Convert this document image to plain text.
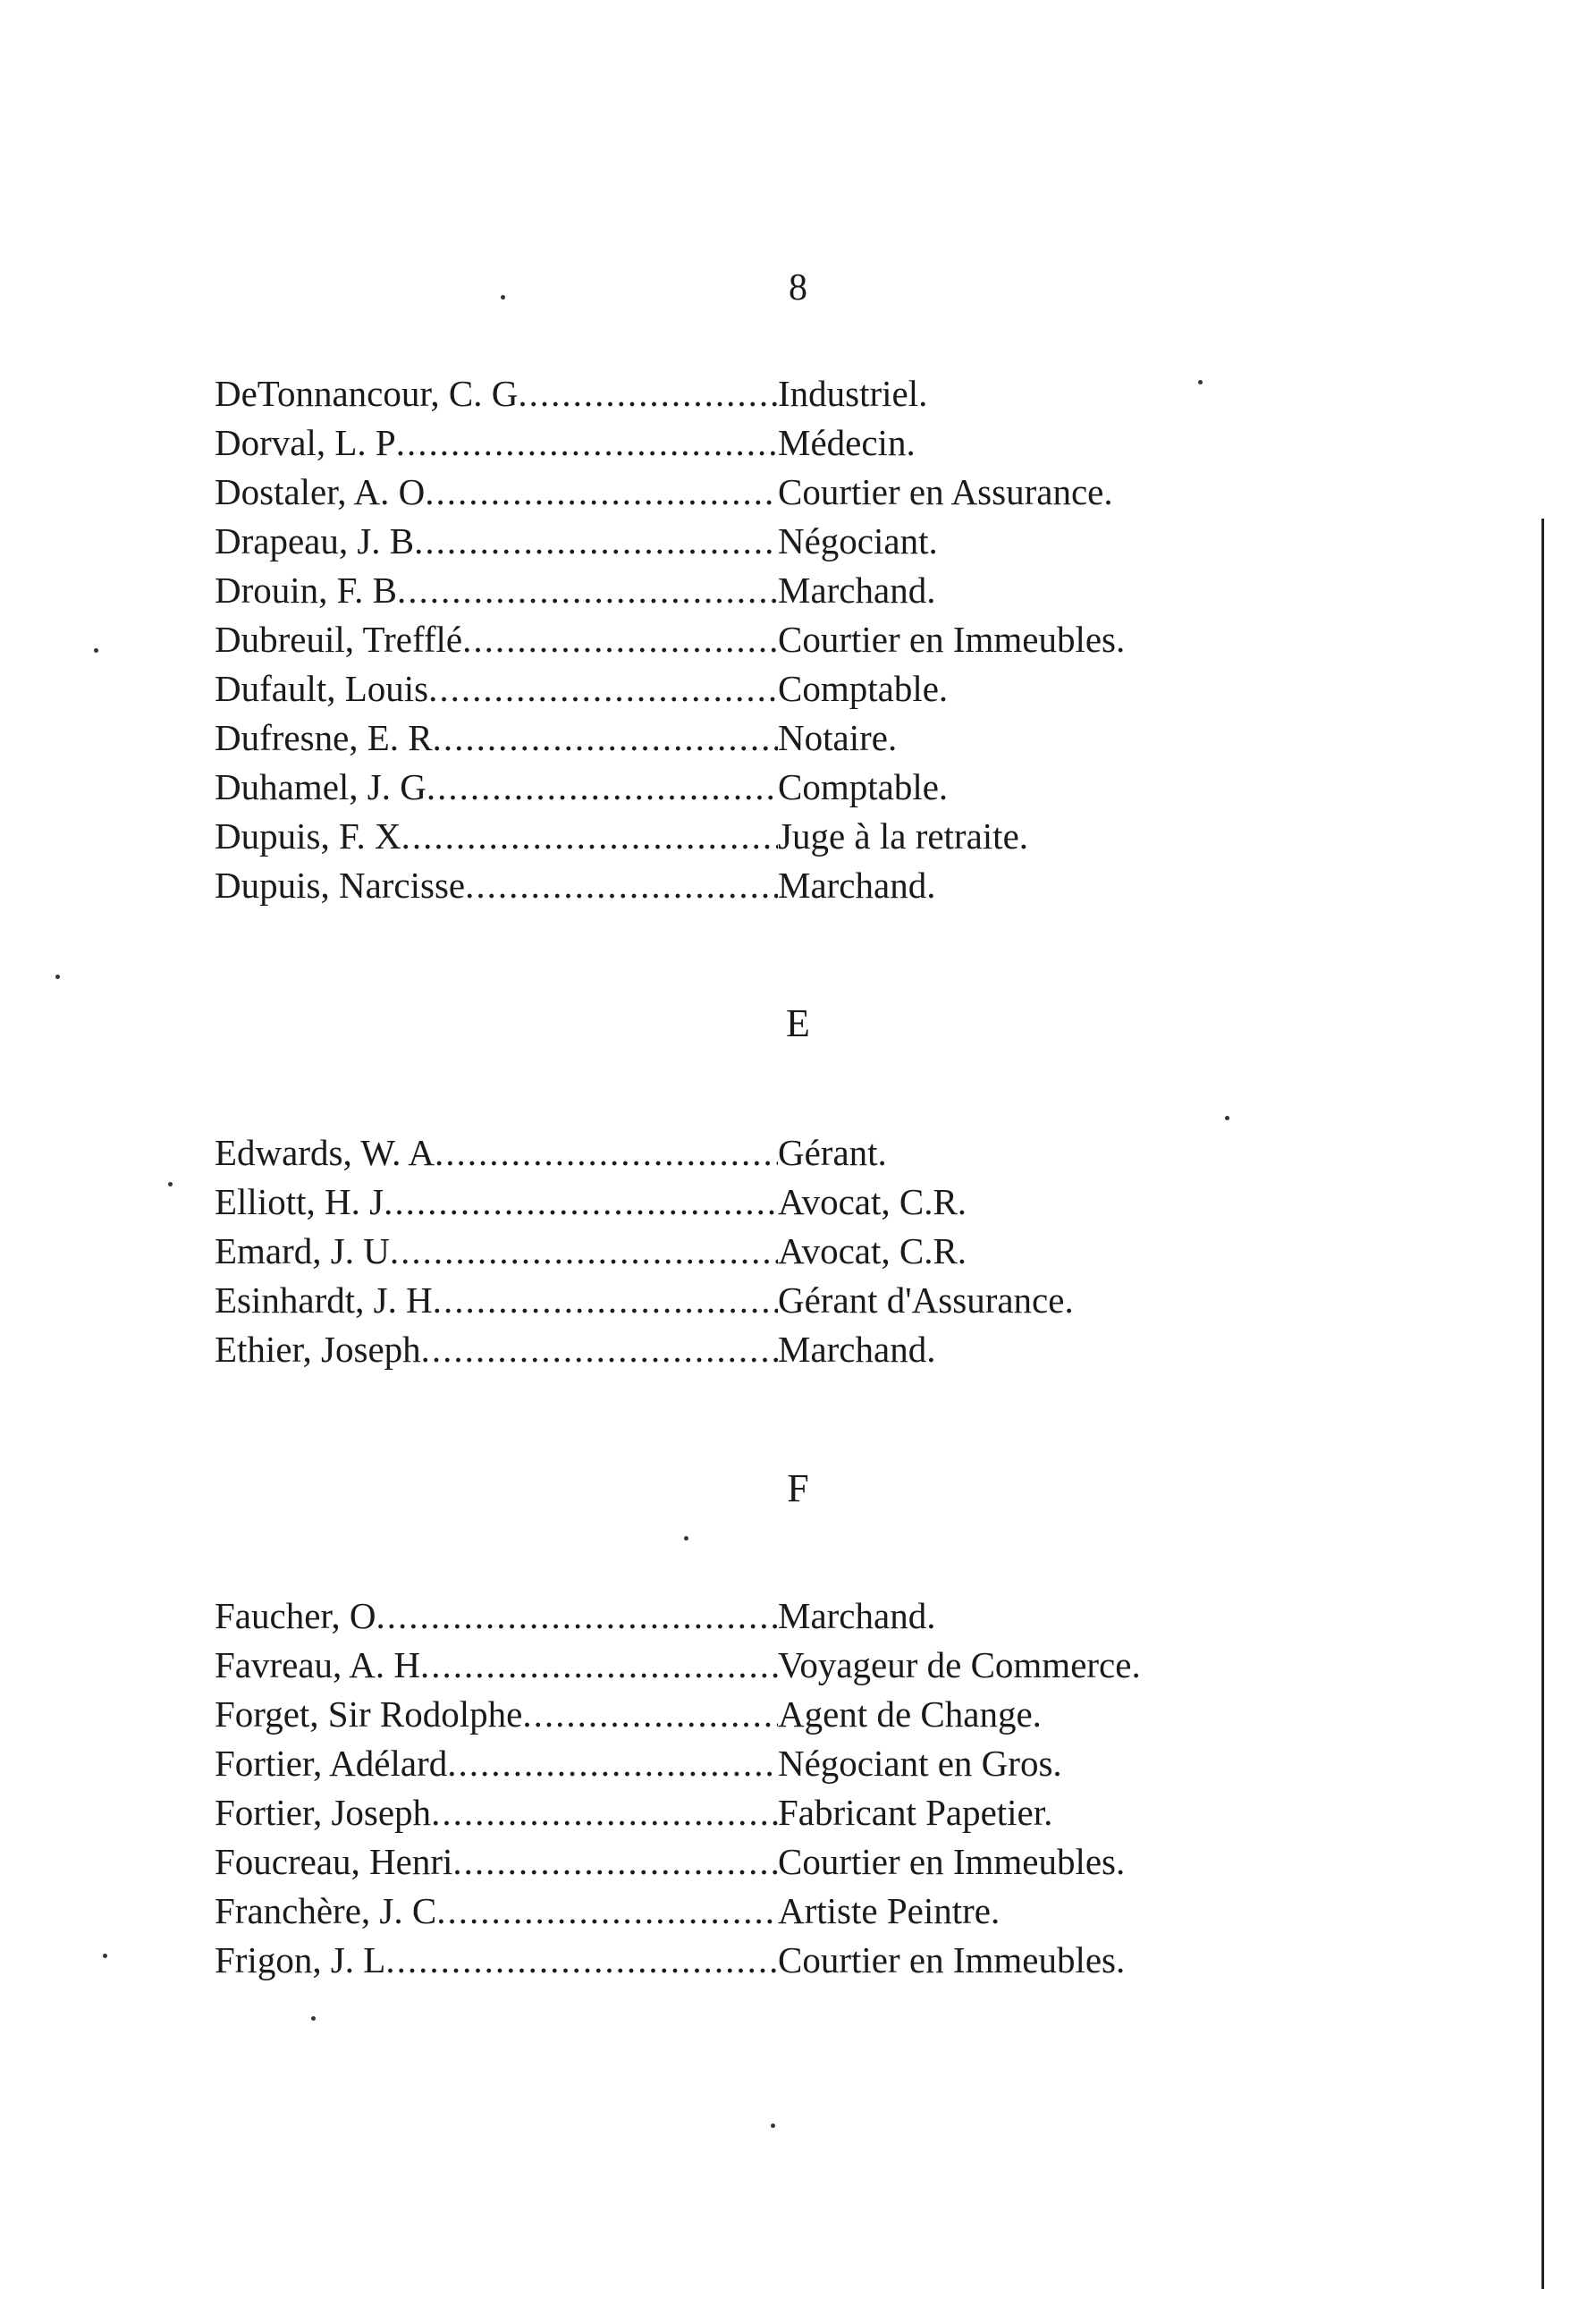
8
DeTonnancour, C. G .....	Industriel.
Dorval, L. P .....	Médecin.
Dostaler, A. O .....	Courtier en Assurance.
Drapeau, J. B .....	Négociant.
Drouin, F. B .....	Marchand.
Dubreuil, Trefflé .....	Courtier en Immeubles.
Dufault, Louis .....	Comptable.
Dufresne, E. R .....	Notaire.
Duhamel, J. G .....	Comptable.
Dupuis, F. X .....	Juge à la retraite.
Dupuis, Narcisse .....	Marchand.
E
Edwards, W. A .....	Gérant.
Elliott, H. J .....	Avocat, C.R.
Emard, J. U .....	Avocat, C.R.
Esinhardt, J. H .....	Gérant d'Assurance.
Ethier, Joseph .....	Marchand.
F
Faucher, O .....	Marchand.
Favreau, A. H .....	Voyageur de Commerce.
Forget, Sir Rodolphe .....	Agent de Change.
Fortier, Adélard .....	Négociant en Gros.
Fortier, Joseph .....	Fabricant Papetier.
Foucreau, Henri .....	Courtier en Immeubles.
Franchère, J. C .....	Artiste Peintre.
Frigon, J. L .....	Courtier en Immeubles.
